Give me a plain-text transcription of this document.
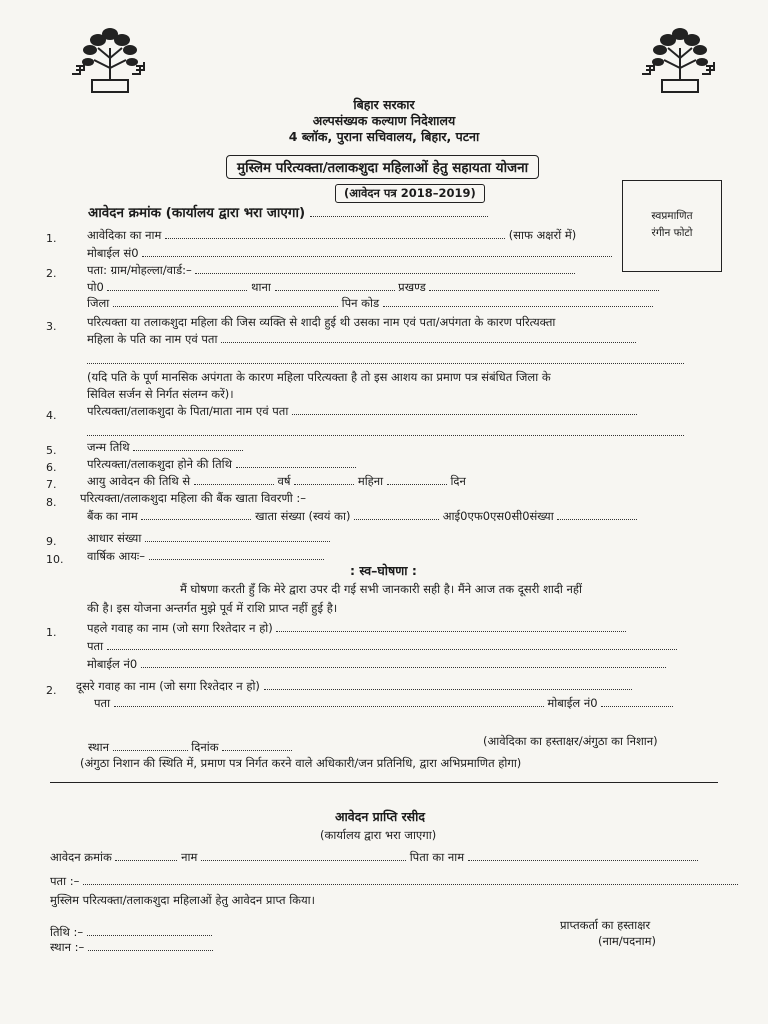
बिहार सरकार
अल्पसंख्यक कल्याण निदेशालय
4 ब्लॉक, पुराना सचिवालय, बिहार, पटना
मुस्लिम परित्यक्ता/तलाकशुदा महिलाओं हेतु सहायता योजना
(आवेदन पत्र 2018–2019)
आवेदन क्रमांक (कार्यालय द्वारा भरा जाएगा)	स्वप्रमाणित
रंगीन फोटो
1.	आवेदिका का नाम	(साफ अक्षरों में)
मोबाईल सं0
2.	पता: ग्राम/मोहल्ला/वार्ड:–
पो0	थाना	प्रखण्ड
जिला	पिन कोड
3.	परित्यक्ता या तलाकशुदा महिला की जिस व्यक्ति से शादी हुई थी उसका नाम एवं पता/अपंगता के कारण परित्यक्ता
महिला के पति का नाम एवं पता
(यदि पति के पूर्ण मानसिक अपंगता के कारण महिला परित्यक्ता है तो इस आशय का प्रमाण पत्र संबंधित जिला के
सिविल सर्जन से निर्गत संलग्न करें)।
4.	परित्यक्ता/तलाकशुदा के पिता/माता नाम एवं पता
5.	जन्म तिथि
6.	परित्यक्ता/तलाकशुदा होने की तिथि
7.	आयु आवेदन की तिथि से	वर्ष	महिना	दिन
8. परित्यक्ता/तलाकशुदा महिला की बैंक खाता विवरणी :–
बैंक का नाम	खाता संख्या (स्वयं का)	आई0एफ0एस0सी0संख्या
9.	आधार संख्या
10. वार्षिक आयः–
: स्व–घोषणा :
मैं घोषणा करती हुँ कि मेरे द्वारा उपर दी गई सभी जानकारी सही है। मैंने आज तक दूसरी शादी नहीं
की है। इस योजना अन्तर्गत मुझे पूर्व में राशि प्राप्त नहीं हुई है।
1.	पहले गवाह का नाम (जो सगा रिश्तेदार न हो)
पता
मोबाईल नं0
2. दूसरे गवाह का नाम (जो सगा रिश्तेदार न हो)
पता	मोबाईल नं0
स्थान	दिनांक	(आवेदिका का हस्ताक्षर/अंगुठा का निशान)
(अंगुठा निशान की स्थिति में, प्रमाण पत्र निर्गत करने वाले अधिकारी/जन प्रतिनिधि, द्वारा अभिप्रमाणित होगा)
आवेदन प्राप्ति रसीद
(कार्यालय द्वारा भरा जाएगा)
आवेदन क्रमांक	नाम	पिता का नाम
पता :–
मुस्लिम परित्यक्ता/तलाकशुदा महिलाओं हेतु आवेदन प्राप्त किया।
तिथि :–
स्थान :–
प्राप्तकर्ता का हस्ताक्षर
(नाम/पदनाम)
